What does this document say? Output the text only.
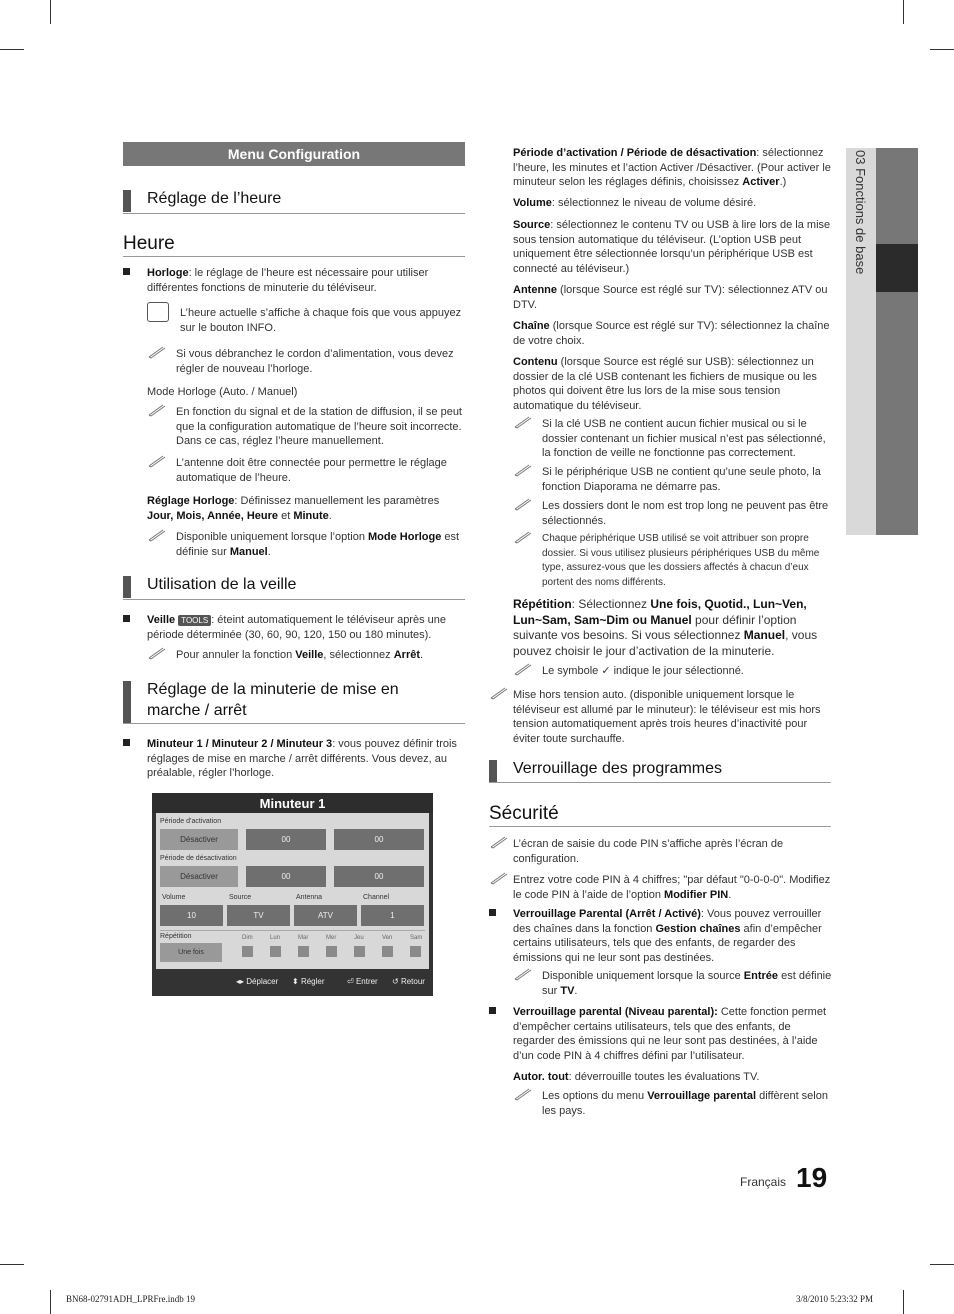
03 Fonctions de base
Menu Configuration
Réglage de l’heure
Heure
Horloge: le réglage de l’heure est nécessaire pour utiliser différentes fonctions de minuterie du téléviseur.
L’heure actuelle s’affiche à chaque fois que vous appuyez sur le bouton INFO.
Si vous débranchez le cordon d’alimentation, vous devez régler de nouveau l’horloge.
Mode Horloge (Auto. / Manuel)
En fonction du signal et de la station de diffusion, il se peut que la configuration automatique de l’heure soit incorrecte. Dans ce cas, réglez l’heure manuellement.
L’antenne doit être connectée pour permettre le réglage automatique de l’heure.
Réglage Horloge: Définissez manuellement les paramètres Jour, Mois, Année, Heure et Minute.
Disponible uniquement lorsque l’option Mode Horloge est définie sur Manuel.
Utilisation de la veille
Veille TOOLS : éteint automatiquement le téléviseur après une période déterminée (30, 60, 90, 120, 150 ou 180 minutes).
Pour annuler la fonction Veille, sélectionnez Arrêt.
Réglage de la minuterie de mise en marche / arrêt
Minuteur 1 / Minuteur 2 / Minuteur 3: vous pouvez définir trois réglages de mise en marche / arrêt différents. Vous devez, au préalable, régler l’horloge.
Minuteur 1
Période d’activation
Désactiver	00	00
Période de désactivation
Désactiver	00	00
Volume	Source	Antenna	Channel
10	TV	ATV	1
Répétition
Une fois
Dim	Lun	Mar	Mer	Jeu	Ven	Sam
◂▸ Déplacer ⬍ Régler	⏎ Entrer ↺ Retour
Période d’activation / Période de désactivation: sélectionnez l’heure, les minutes et l’action Activer /Désactiver. (Pour activer le minuteur selon les réglages définis, choisissez Activer.)
Volume: sélectionnez le niveau de volume désiré.
Source: sélectionnez le contenu TV ou USB à lire lors de la mise sous tension automatique du téléviseur. (L’option USB peut uniquement être sélectionnée lorsqu’un périphérique USB est connecté au téléviseur.)
Antenne (lorsque Source est réglé sur TV): sélectionnez ATV ou DTV.
Chaîne (lorsque Source est réglé sur TV): sélectionnez la chaîne de votre choix.
Contenu (lorsque Source est réglé sur USB): sélectionnez un dossier de la clé USB contenant les fichiers de musique ou les photos qui doivent être lus lors de la mise sous tension automatique du téléviseur.
Si la clé USB ne contient aucun fichier musical ou si le dossier contenant un fichier musical n’est pas sélectionné, la fonction de veille ne fonctionne pas correctement.
Si le périphérique USB ne contient qu’une seule photo, la fonction Diaporama ne démarre pas.
Les dossiers dont le nom est trop long ne peuvent pas être sélectionnés.
Chaque périphérique USB utilisé se voit attribuer son propre dossier. Si vous utilisez plusieurs périphériques USB du même type, assurez-vous que les dossiers affectés à chacun d’eux portent des noms différents.
Répétition: Sélectionnez Une fois, Quotid., Lun~Ven, Lun~Sam, Sam~Dim ou Manuel pour définir l’option suivante vos besoins. Si vous sélectionnez Manuel, vous pouvez choisir le jour d’activation de la minuterie.
Le symbole ✓ indique le jour sélectionné.
Mise hors tension auto. (disponible uniquement lorsque le téléviseur est allumé par le minuteur): le téléviseur est mis hors tension automatiquement après trois heures d’inactivité pour éviter toute surchauffe.
Verrouillage des programmes
Sécurité
L’écran de saisie du code PIN s’affiche après l’écran de configuration.
Entrez votre code PIN à 4 chiffres; "par défaut "0-0-0-0". Modifiez le code PIN à l’aide de l’option Modifier PIN.
Verrouillage Parental (Arrêt / Activé): Vous pouvez verrouiller des chaînes dans la fonction Gestion chaînes afin d’empêcher certains utilisateurs, tels que des enfants, de regarder des émissions qui ne leur sont pas destinées.
Disponible uniquement lorsque la source Entrée est définie sur TV.
Verrouillage parental (Niveau parental): Cette fonction permet d’empêcher certains utilisateurs, tels que des enfants, de regarder des émissions qui ne leur sont pas destinées, à l’aide d’un code PIN à 4 chiffres défini par l’utilisateur.
Autor. tout: déverrouille toutes les évaluations TV.
Les options du menu Verrouillage parental diffèrent selon les pays.
Français 19
BN68-02791ADH_LPRFre.indb 19	3/8/2010 5:23:32 PM
